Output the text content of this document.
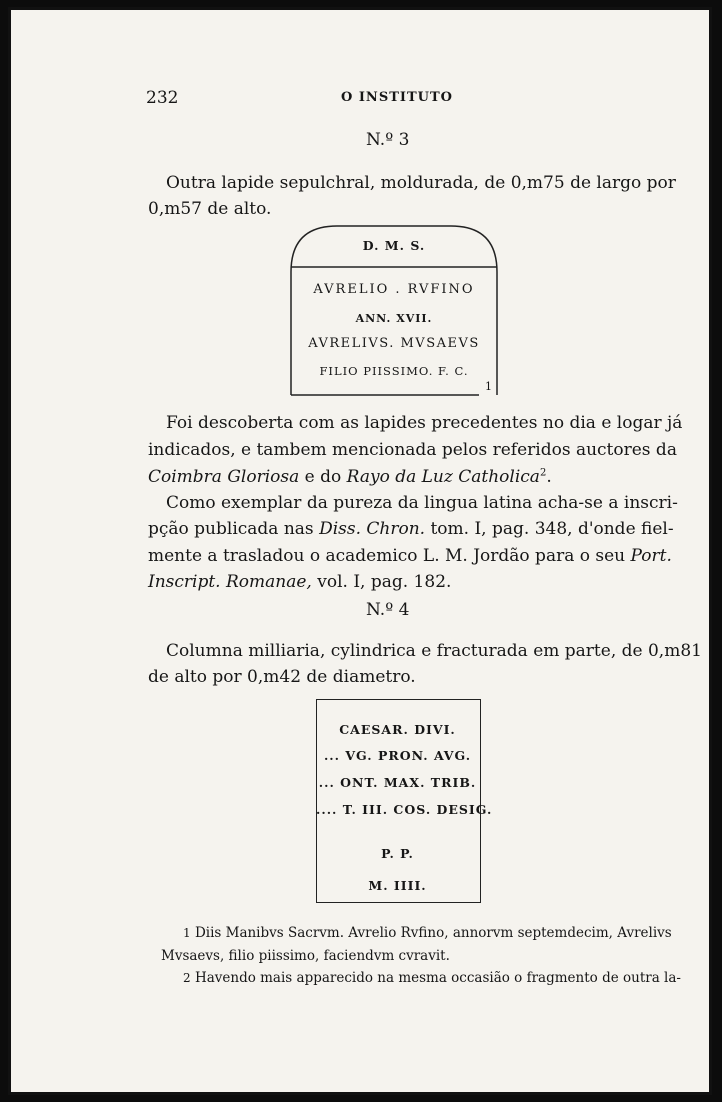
232	O INSTITUTO
N.º 3
Outra lapide sepulchral, moldurada, de 0,m75 de largo por
0,m57 de alto.
D. M. S.
AVRELIO . RVFINO
ANN. XVII.
AVRELIVS. MVSAEVS
FILIO PIISSIMO. F. C.
1
Foi descoberta com as lapides precedentes no dia e logar já
indicados, e tambem mencionada pelos referidos auctores da
Coimbra Gloriosa e do Rayo da Luz Catholica$^2$.
Como exemplar da pureza da lingua latina acha-se a inscri-
pção publicada nas Diss. Chron. tom. I, pag. 348, d'onde fiel-
mente a trasladou o academico L. M. Jordão para o seu Port.
Inscript. Romanae, vol. I, pag. 182.
N.º 4
Columna milliaria, cylindrica e fracturada em parte, de 0,m81
de alto por 0,m42 de diametro.
CAESAR. DIVI.
... VG. PRON. AVG.
... ONT. MAX. TRIB.
.... T. III. COS. DESIG.
P. P.
M. IIII.
1 Diis Manibvs Sacrvm. Avrelio Rvfino, annorvm septemdecim, Avrelivs
Mvsaevs, filio piissimo, faciendvm cvravit.
2 Havendo mais apparecido na mesma occasião o fragmento de outra la-
